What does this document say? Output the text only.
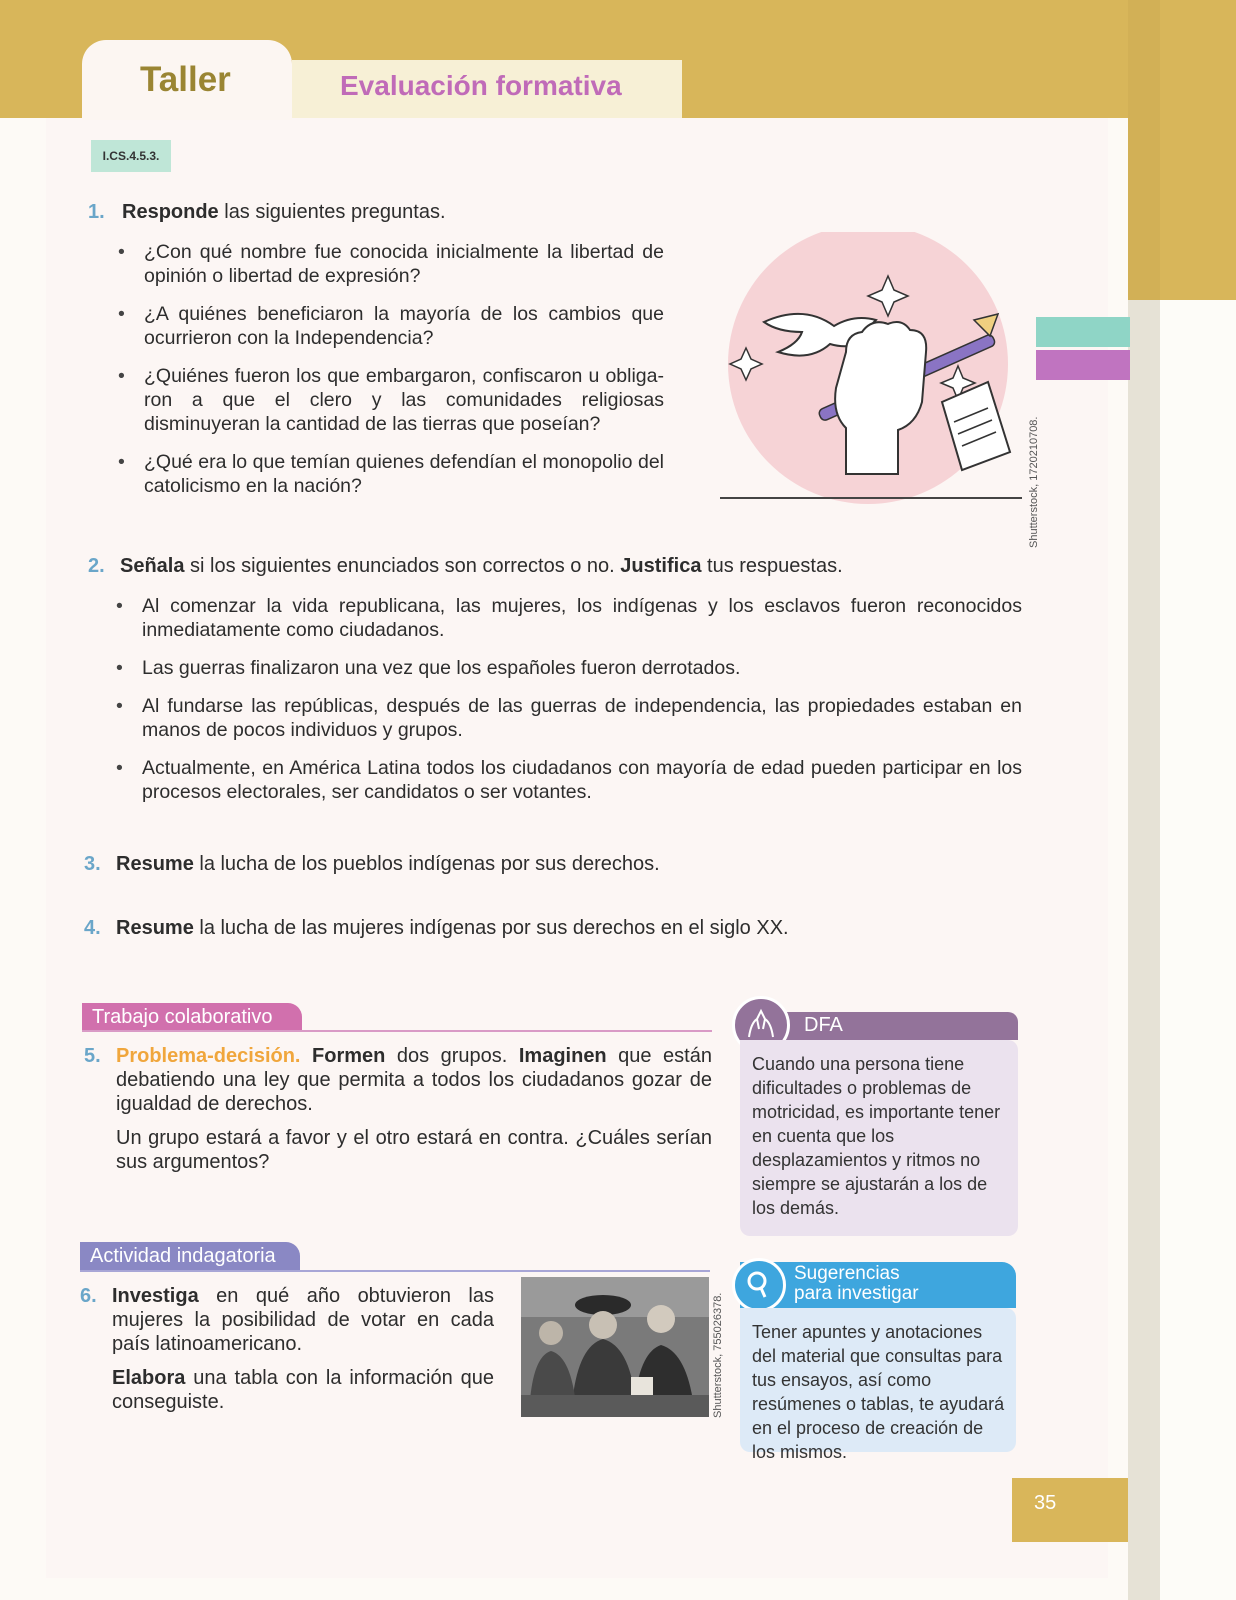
Evaluación formativa
Taller
I.CS.4.5.3.
1. Responde las siguientes preguntas.
• ¿Con qué nombre fue conocida inicialmente la libertad de opinión o libertad de expresión?
• ¿A quiénes beneficiaron la mayoría de los cambios que ocurrieron con la Independencia?
• ¿Quiénes fueron los que embargaron, confiscaron u obligaron a que el clero y las comunidades religiosas disminuyeran la cantidad de las tierras que poseían?
• ¿Qué era lo que temían quienes defendían el monopolio del catolicismo en la nación?	Shutterstock, 1720210708.
2. Señala si los siguientes enunciados son correctos o no. Justifica tus respuestas.
• Al comenzar la vida republicana, las mujeres, los indígenas y los esclavos fueron reconocidos inmediatamente como ciudadanos.
• Las guerras finalizaron una vez que los españoles fueron derrotados.
• Al fundarse las repúblicas, después de las guerras de independencia, las propiedades estaban en manos de pocos individuos y grupos.
• Actualmente, en América Latina todos los ciudadanos con mayoría de edad pueden participar en los procesos electorales, ser candidatos o ser votantes.
3. Resume la lucha de los pueblos indígenas por sus derechos.
4. Resume la lucha de las mujeres indígenas por sus derechos en el siglo XX.
Trabajo colaborativo
5. Problema-decisión. Formen dos grupos. Imaginen que están debatiendo una ley que permita a todos los ciudadanos gozar de igualdad de derechos.
Un grupo estará a favor y el otro estará en contra. ¿Cuáles serían sus argumentos?
DFA
Cuando una persona tiene dificultades o problemas de motricidad, es importante tener en cuenta que los desplazamientos y ritmos no siempre se ajustarán a los de los demás.
Actividad indagatoria
6. Investiga en qué año obtuvieron las mujeres la posibilidad de votar en cada país latinoamericano.
Elabora una tabla con la información que conseguiste.	Shutterstock, 755026378.
Sugerencias
para investigar
Tener apuntes y anotaciones del material que consultas para tus ensayos, así como resúmenes o tablas, te ayudará en el proceso de creación de los mismos.
35
